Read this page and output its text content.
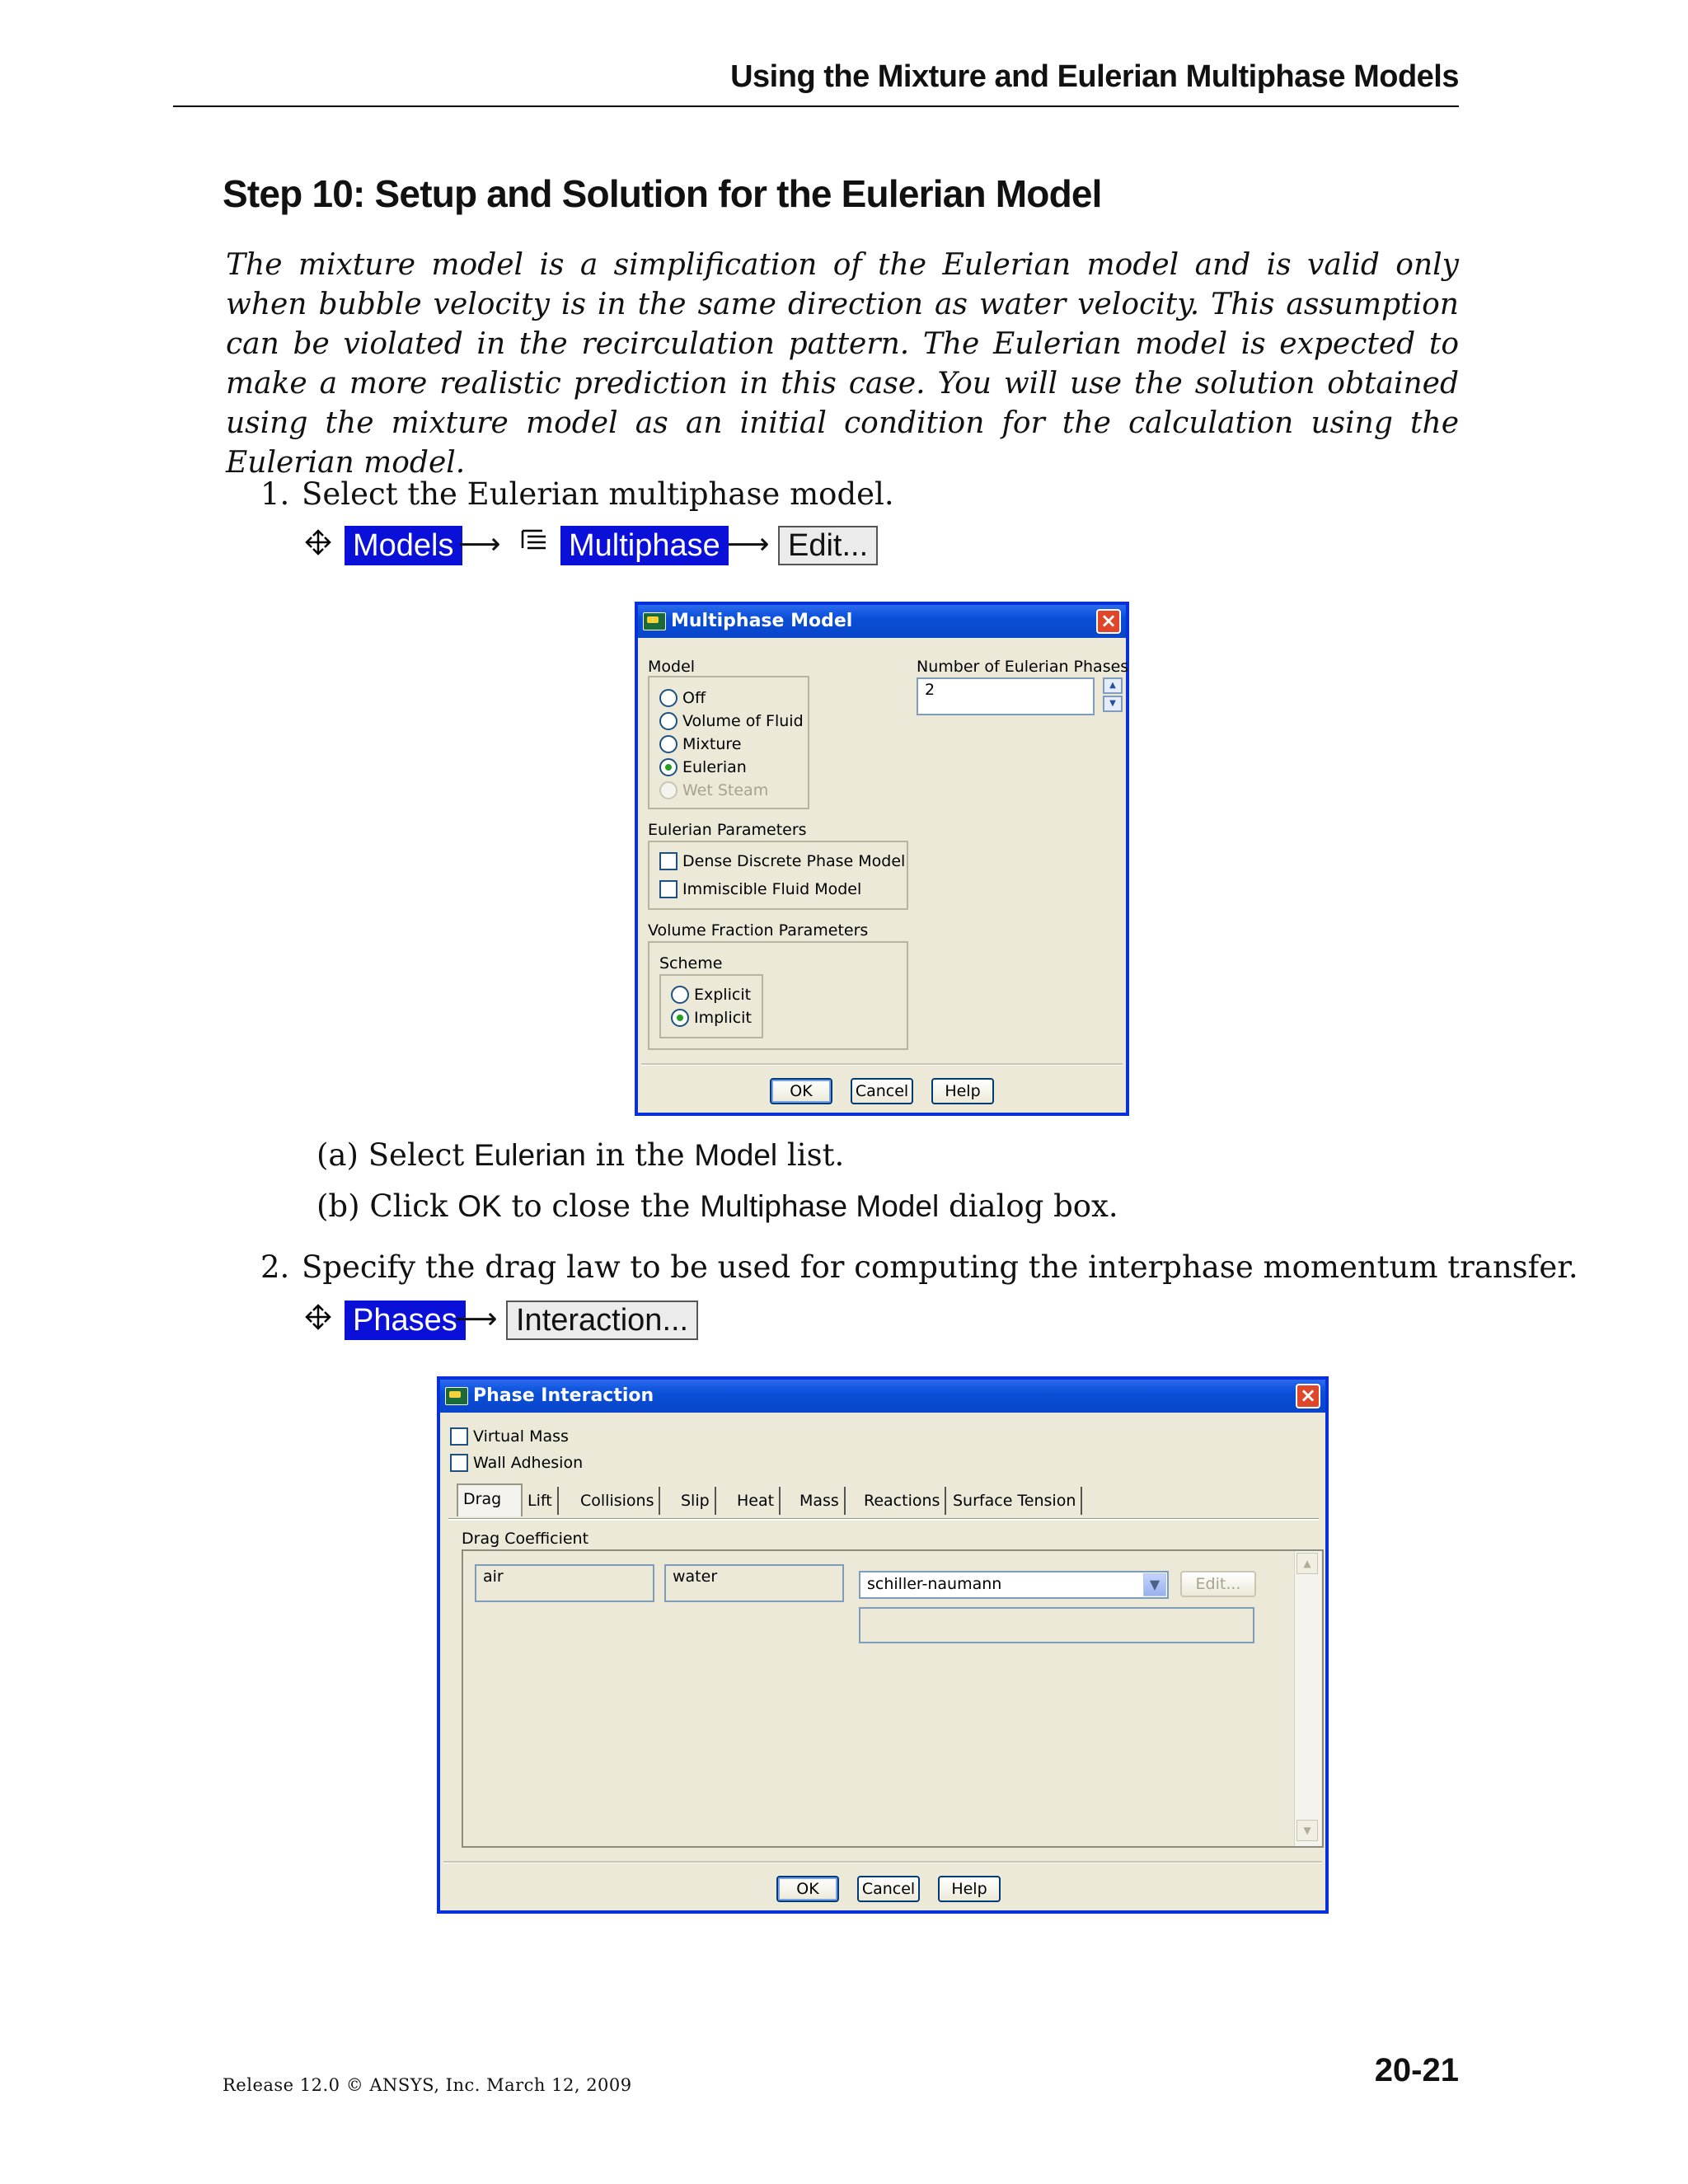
Using the Mixture and Eulerian Multiphase Models
Step 10: Setup and Solution for the Eulerian Model
The mixture model is a simplification of the Eulerian model and is valid only when bubble velocity is in the same direction as water velocity. This assumption can be violated in the recirculation pattern. The Eulerian model is expected to make a more realistic prediction in this case. You will use the solution obtained using the mixture model as an initial condition for the calculation using the Eulerian model.
1. Select the Eulerian multiphase model.
Models ⟶ Multiphase ⟶ Edit...
Multiphase Model	×
Model
Off
Volume of Fluid
Mixture
Eulerian
Wet Steam
Number of Eulerian Phases
2	▲
▼
Eulerian Parameters
Dense Discrete Phase Model
Immiscible Fluid Model
Volume Fraction Parameters
Scheme
Explicit
Implicit
OK	Cancel	Help
(a) Select Eulerian in the Model list.
(b) Click OK to close the Multiphase Model dialog box.
2. Specify the drag law to be used for computing the interphase momentum transfer.
Phases
⟶ Interaction...
Phase Interaction	×
Virtual Mass
Wall Adhesion
Drag	Lift	Collisions	Slip	Heat	Mass	Reactions Surface Tension
Drag Coefficient
air	water	schiller-naumann	▼	Edit...
▲
▼
OK	Cancel	Help
Release 12.0 © ANSYS, Inc. March 12, 2009	20-21
